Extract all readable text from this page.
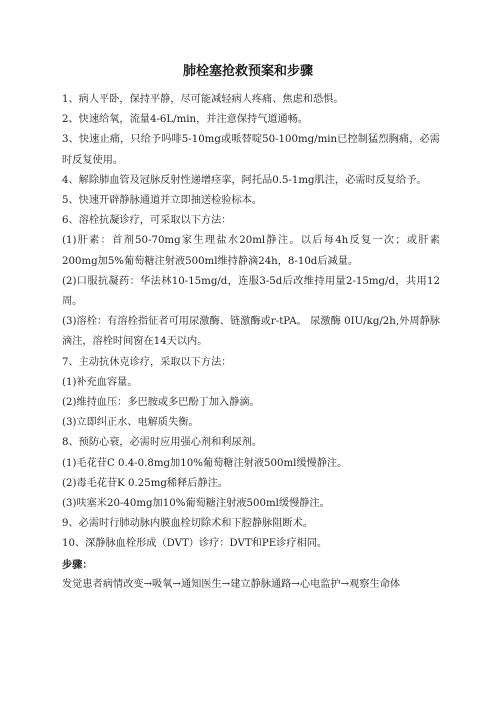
肺栓塞抢救预案和步骤

1、病人平卧，保持平静，尽可能减轻病人疼痛、焦虑和恐惧。

2、快速给氧，流量4-6L/min，并注意保持气道通畅。

3、快速止痛，只给予吗啡5-10mg或哌替啶50-100mg/min已控制猛烈胸痛，必需时反复使用。

4、解除肺血管及冠脉反射性递增痉挛，阿托品0.5-1mg肌注，必需时反复给予。

5、快速开辟静脉通道并立即抽送检验标本。

6、溶栓抗凝诊疗，可采取以下方法：

(1)肝素：首剂50-70mg家生理盐水20ml静注。以后每4h反复一次；或肝素200mg加5%葡萄糖注射液500ml维持静滴24h，8-10d后减量。

(2)口服抗凝药：华法林10-15mg/d，连服3-5d后改维持用量2-15mg/d，共用12周。

(3)溶栓：有溶栓指征者可用尿激酶、链激酶或r-tPA。 尿激酶 0IU/kg/2h,外周静脉滴注，溶栓时间窗在14天以内。

7、主动抗休克诊疗，采取以下方法：

(1)补充血容量。

(2)维持血压：多巴胺或多巴酚丁加入静滴。

(3)立即纠正水、电解质失衡。

8、预防心衰，必需时应用强心剂和利尿剂。

(1)毛花苷C 0.4-0.8mg加10%葡萄糖注射液500ml缓慢静注。

(2)毒毛花苷K 0.25mg稀释后静注。

(3)呋塞米20-40mg加10%葡萄糖注射液500ml缓慢静注。

9、必需时行肺动脉内膜血栓切除术和下腔静脉阻断术。

10、深静脉血栓形成（DVT）诊疗：DVT和PE诊疗相同。

步骤：

发觉患者病情改变→吸氧→通知医生→建立静脉通路→心电监护→观察生命体
